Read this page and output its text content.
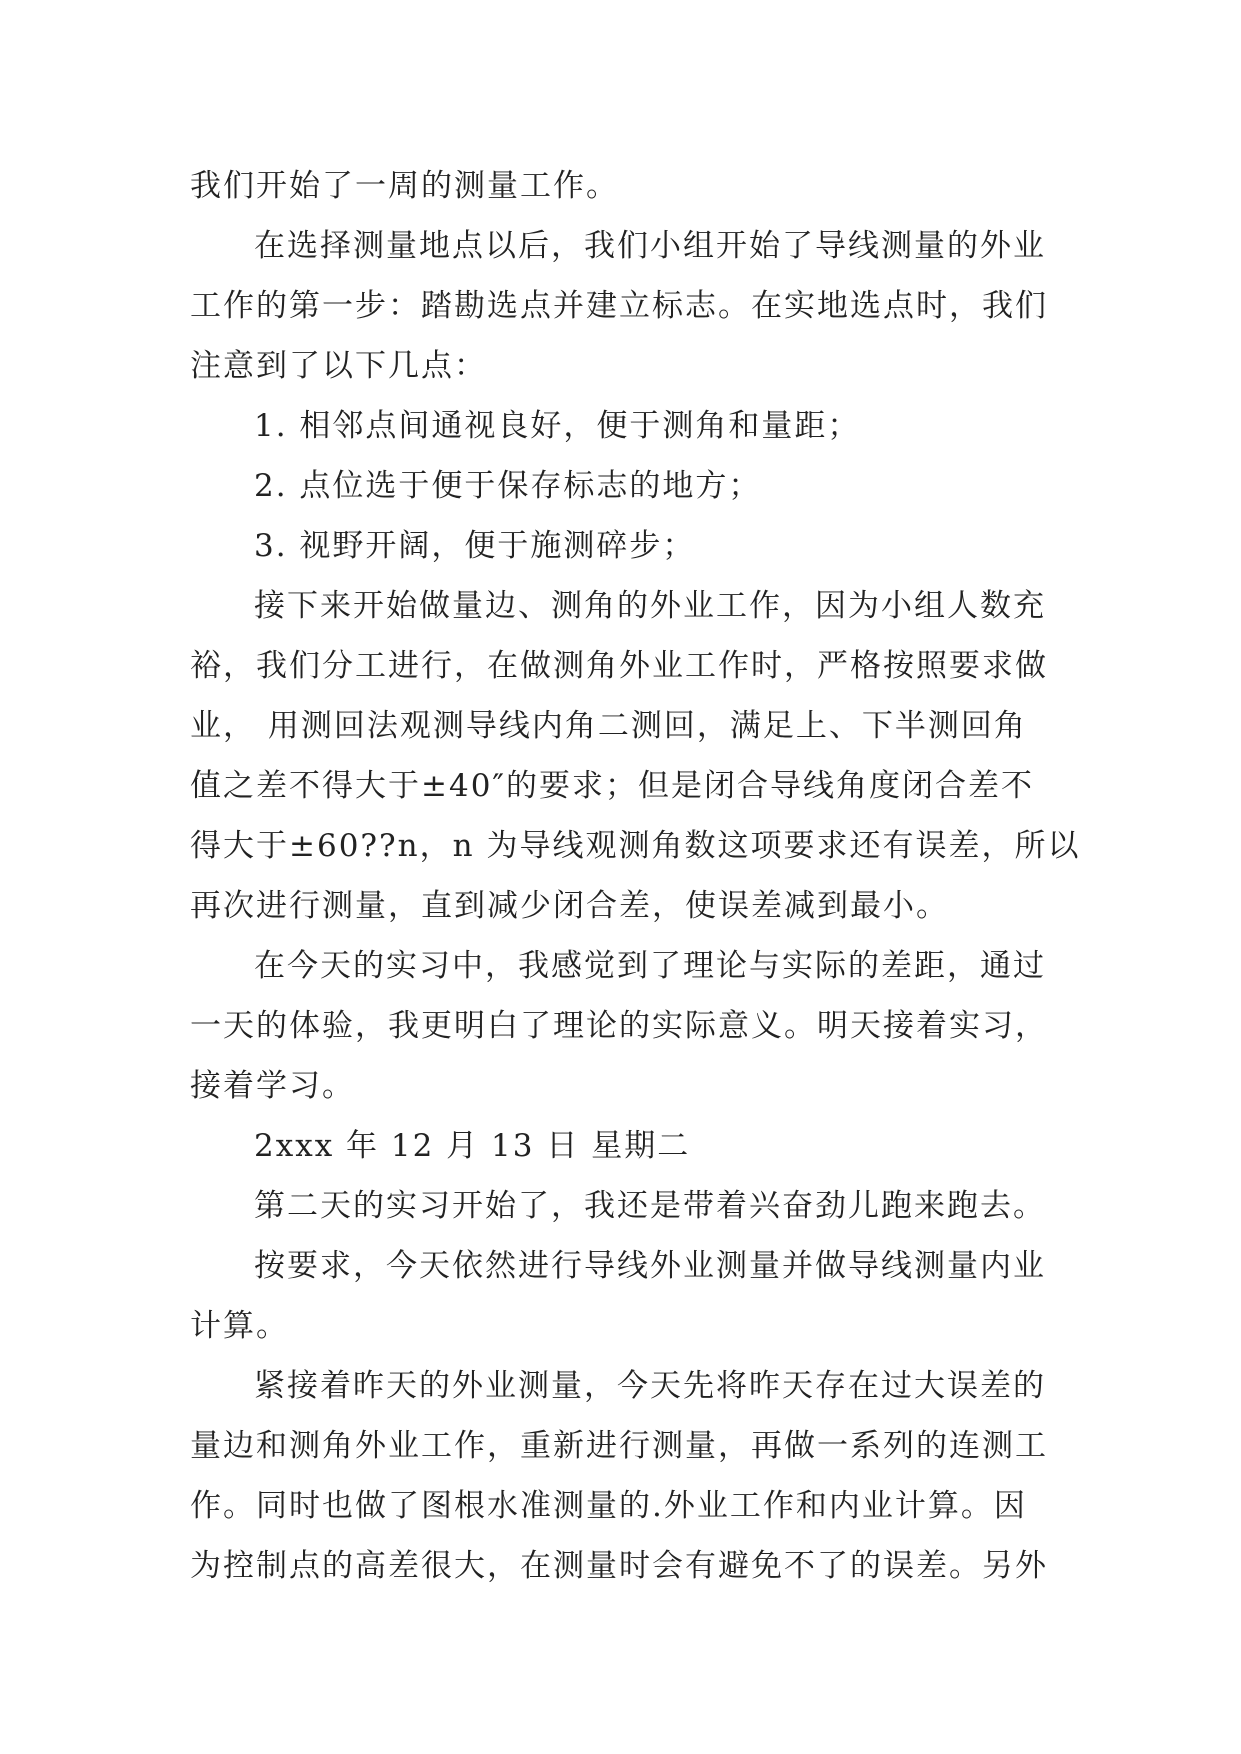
我们开始了一周的测量工作。
在选择测量地点以后，我们小组开始了导线测量的外业
工作的第一步：踏勘选点并建立标志。在实地选点时，我们
注意到了以下几点：
1. 相邻点间通视良好，便于测角和量距；
2. 点位选于便于保存标志的地方；
3. 视野开阔，便于施测碎步；
接下来开始做量边、测角的外业工作，因为小组人数充
裕，我们分工进行，在做测角外业工作时，严格按照要求做
业， 用测回法观测导线内角二测回，满足上、下半测回角
值之差不得大于±40″的要求；但是闭合导线角度闭合差不
得大于±60??n，n 为导线观测角数这项要求还有误差，所以
再次进行测量，直到减少闭合差，使误差减到最小。
在今天的实习中，我感觉到了理论与实际的差距，通过
一天的体验，我更明白了理论的实际意义。明天接着实习，
接着学习。
2xxx 年 12 月 13 日 星期二
第二天的实习开始了，我还是带着兴奋劲儿跑来跑去。
按要求，今天依然进行导线外业测量并做导线测量内业
计算。
紧接着昨天的外业测量，今天先将昨天存在过大误差的
量边和测角外业工作，重新进行测量，再做一系列的连测工
作。同时也做了图根水准测量的.外业工作和内业计算。因
为控制点的高差很大，在测量时会有避免不了的误差。另外
